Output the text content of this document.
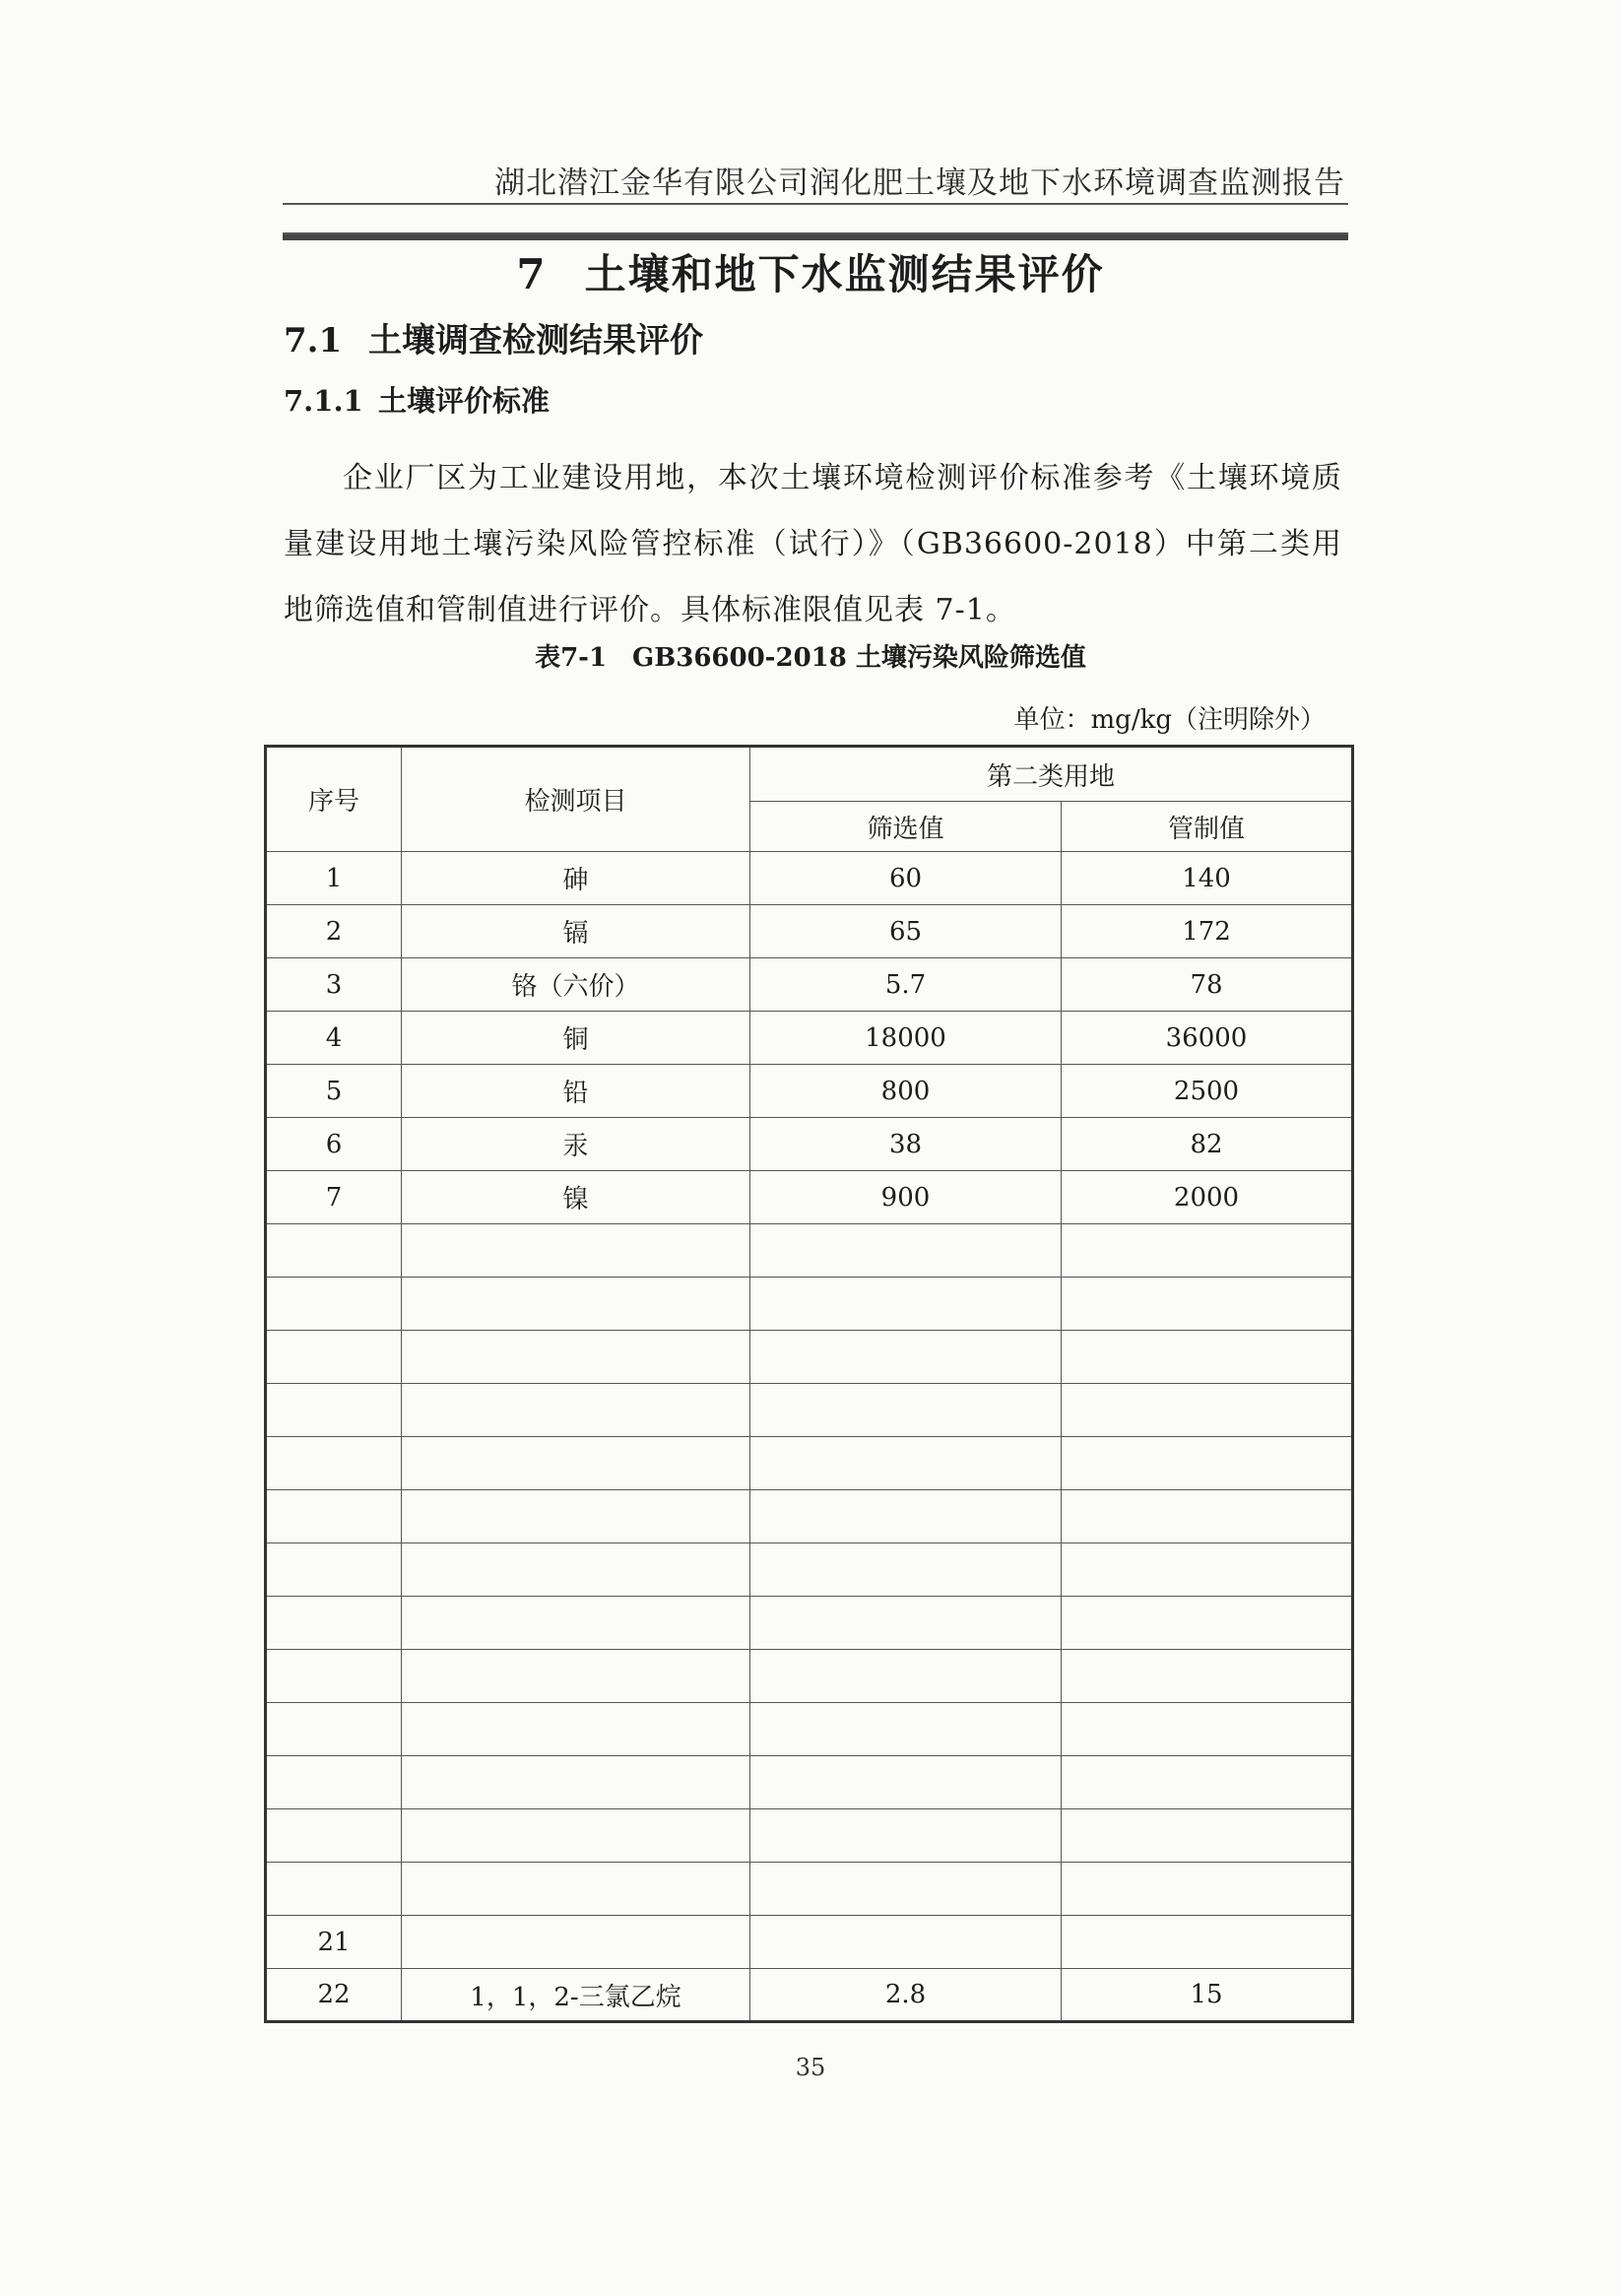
湖北潜江金华有限公司润化肥土壤及地下水环境调查监测报告
7 土壤和地下水监测结果评价
7.1 土壤调查检测结果评价
7.1.1 土壤评价标准
企业厂区为工业建设用地，本次土壤环境检测评价标准参考《土壤环境质量建设用地土壤污染风险管控标准（试行）》（GB36600-2018）中第二类用地筛选值和管制值进行评价。具体标准限值见表 7-1。
表7-1　GB36600-2018 土壤污染风险筛选值
单位：mg/kg（注明除外）
序号	检测项目	第二类用地	
		筛选值	管制值
1	砷	60	140
2	镉	65	172
3	铬（六价）	5.7	78
4	铜	18000	36000
5	铅	800	2500
6	汞	38	82
7	镍	900	2000

21			
22	1，1，2-三氯乙烷	2.8	15
35
